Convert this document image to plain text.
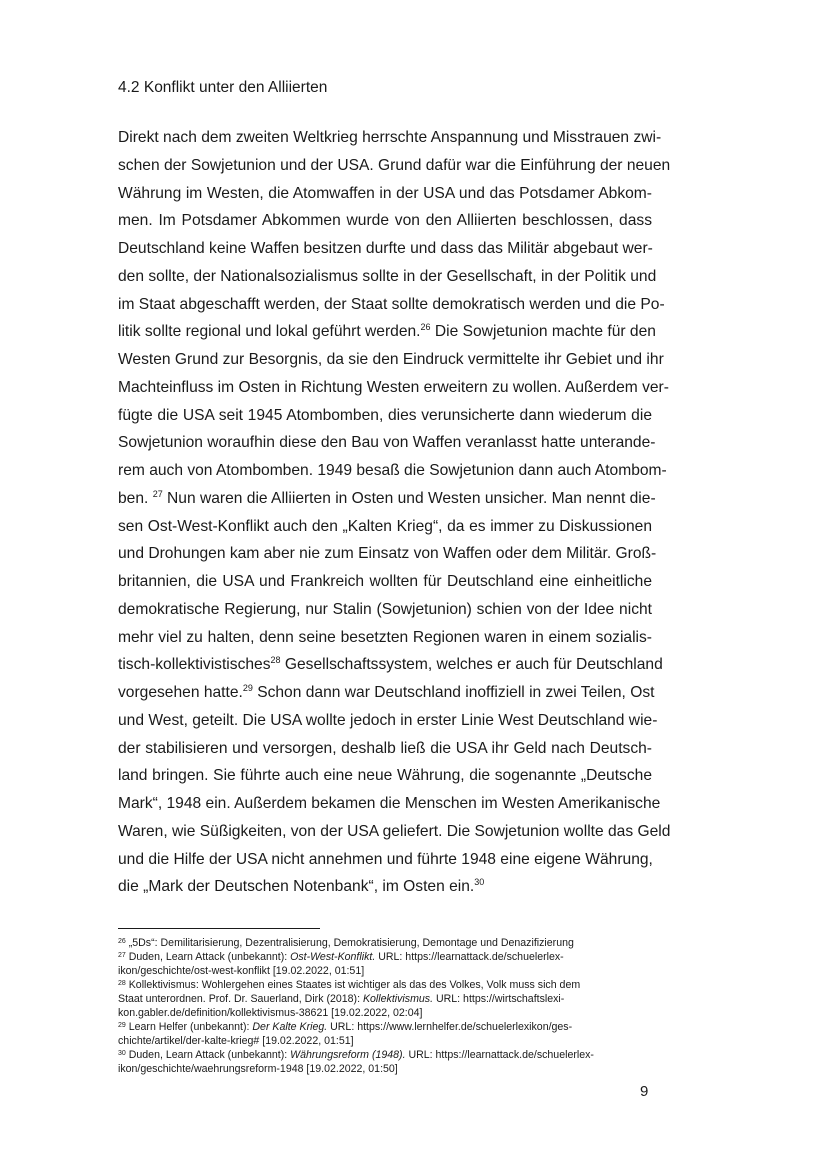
4.2 Konflikt unter den Alliierten
Direkt nach dem zweiten Weltkrieg herrschte Anspannung und Misstrauen zwi-
schen der Sowjetunion und der USA. Grund dafür war die Einführung der neuen
Währung im Westen, die Atomwaffen in der USA und das Potsdamer Abkom-
men. Im Potsdamer Abkommen wurde von den Alliierten beschlossen, dass
Deutschland keine Waffen besitzen durfte und dass das Militär abgebaut wer-
den sollte, der Nationalsozialismus sollte in der Gesellschaft, in der Politik und
im Staat abgeschafft werden, der Staat sollte demokratisch werden und die Po-
litik sollte regional und lokal geführt werden.$^{26}$ Die Sowjetunion machte für den
Westen Grund zur Besorgnis, da sie den Eindruck vermittelte ihr Gebiet und ihr
Machteinfluss im Osten in Richtung Westen erweitern zu wollen. Außerdem ver-
fügte die USA seit 1945 Atombomben, dies verunsicherte dann wiederum die
Sowjetunion woraufhin diese den Bau von Waffen veranlasst hatte unterande-
rem auch von Atombomben. 1949 besaß die Sowjetunion dann auch Atombom-
ben. $^{27}$ Nun waren die Alliierten in Osten und Westen unsicher. Man nennt die-
sen Ost-West-Konflikt auch den „Kalten Krieg“, da es immer zu Diskussionen
und Drohungen kam aber nie zum Einsatz von Waffen oder dem Militär. Groß-
britannien, die USA und Frankreich wollten für Deutschland eine einheitliche
demokratische Regierung, nur Stalin (Sowjetunion) schien von der Idee nicht
mehr viel zu halten, denn seine besetzten Regionen waren in einem sozialis-
tisch-kollektivistisches$^{28}$ Gesellschaftssystem, welches er auch für Deutschland
vorgesehen hatte.$^{29}$ Schon dann war Deutschland inoffiziell in zwei Teilen, Ost
und West, geteilt. Die USA wollte jedoch in erster Linie West Deutschland wie-
der stabilisieren und versorgen, deshalb ließ die USA ihr Geld nach Deutsch-
land bringen. Sie führte auch eine neue Währung, die sogenannte „Deutsche
Mark“, 1948 ein. Außerdem bekamen die Menschen im Westen Amerikanische
Waren, wie Süßigkeiten, von der USA geliefert. Die Sowjetunion wollte das Geld
und die Hilfe der USA nicht annehmen und führte 1948 eine eigene Währung,
die „Mark der Deutschen Notenbank“, im Osten ein.$^{30}$
$^{26}$ „5Ds“: Demilitarisierung, Dezentralisierung, Demokratisierung, Demontage und Denazifizierung
$^{27}$ Duden, Learn Attack (unbekannt): Ost-West-Konflikt. URL: https://learnattack.de/schuelerlex-
ikon/geschichte/ost-west-konflikt [19.02.2022, 01:51]
$^{28}$ Kollektivismus: Wohlergehen eines Staates ist wichtiger als das des Volkes, Volk muss sich dem
Staat unterordnen. Prof. Dr. Sauerland, Dirk (2018): Kollektivismus. URL: https://wirtschaftslexi-
kon.gabler.de/definition/kollektivismus-38621 [19.02.2022, 02:04]
$^{29}$ Learn Helfer (unbekannt): Der Kalte Krieg. URL: https://www.lernhelfer.de/schuelerlexikon/ges-
chichte/artikel/der-kalte-krieg# [19.02.2022, 01:51]
$^{30}$ Duden, Learn Attack (unbekannt): Währungsreform (1948). URL: https://learnattack.de/schuelerlex-
ikon/geschichte/waehrungsreform-1948 [19.02.2022, 01:50]
9
